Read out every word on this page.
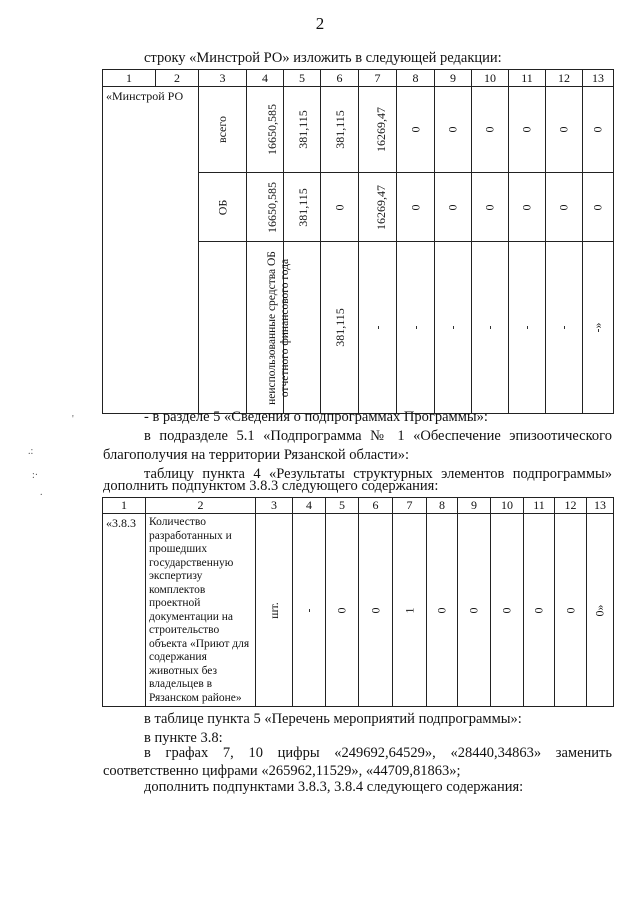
2
строку «Минстрой РО» изложить в следующей редакции:
1	2	3	4	5	6	7	8	9	10	11	12	13
«Минстрой РО		всего	16650,585	381,115	381,115	16269,47	0	0	0	0	0	0
		ОБ	16650,585	381,115	0	16269,47	0	0	0	0	0	0
		неиспользованные средства ОБ отчетного финансового года			381,115	-	-	-	-	-	-	-»
- в разделе 5 «Сведения о подпрограммах Программы»:
в подразделе 5.1 «Подпрограмма № 1 «Обеспечение эпизоотического
благополучия на территории Рязанской области»:
таблицу пункта 4 «Результаты структурных элементов подпрограммы»
дополнить подпунктом 3.8.3 следующего содержания:
1	2	3	4	5	6	7	8	9	10	11	12	13
«3.8.3	Количество разработанных и прошедших государственную экспертизу комплектов проектной документации на строительство объекта «Приют для содержания животных без владельцев в Рязанском районе»	шт.	-	0	0	1	0	0	0	0	0	0»
в таблице пункта 5 «Перечень мероприятий подпрограммы»:
в пункте 3.8:
в графах 7, 10 цифры «249692,64529», «28440,34863» заменить
соответственно цифрами «265962,11529», «44709,81863»;
дополнить подпунктами 3.8.3, 3.8.4 следующего содержания:
'
.:
:·
.
